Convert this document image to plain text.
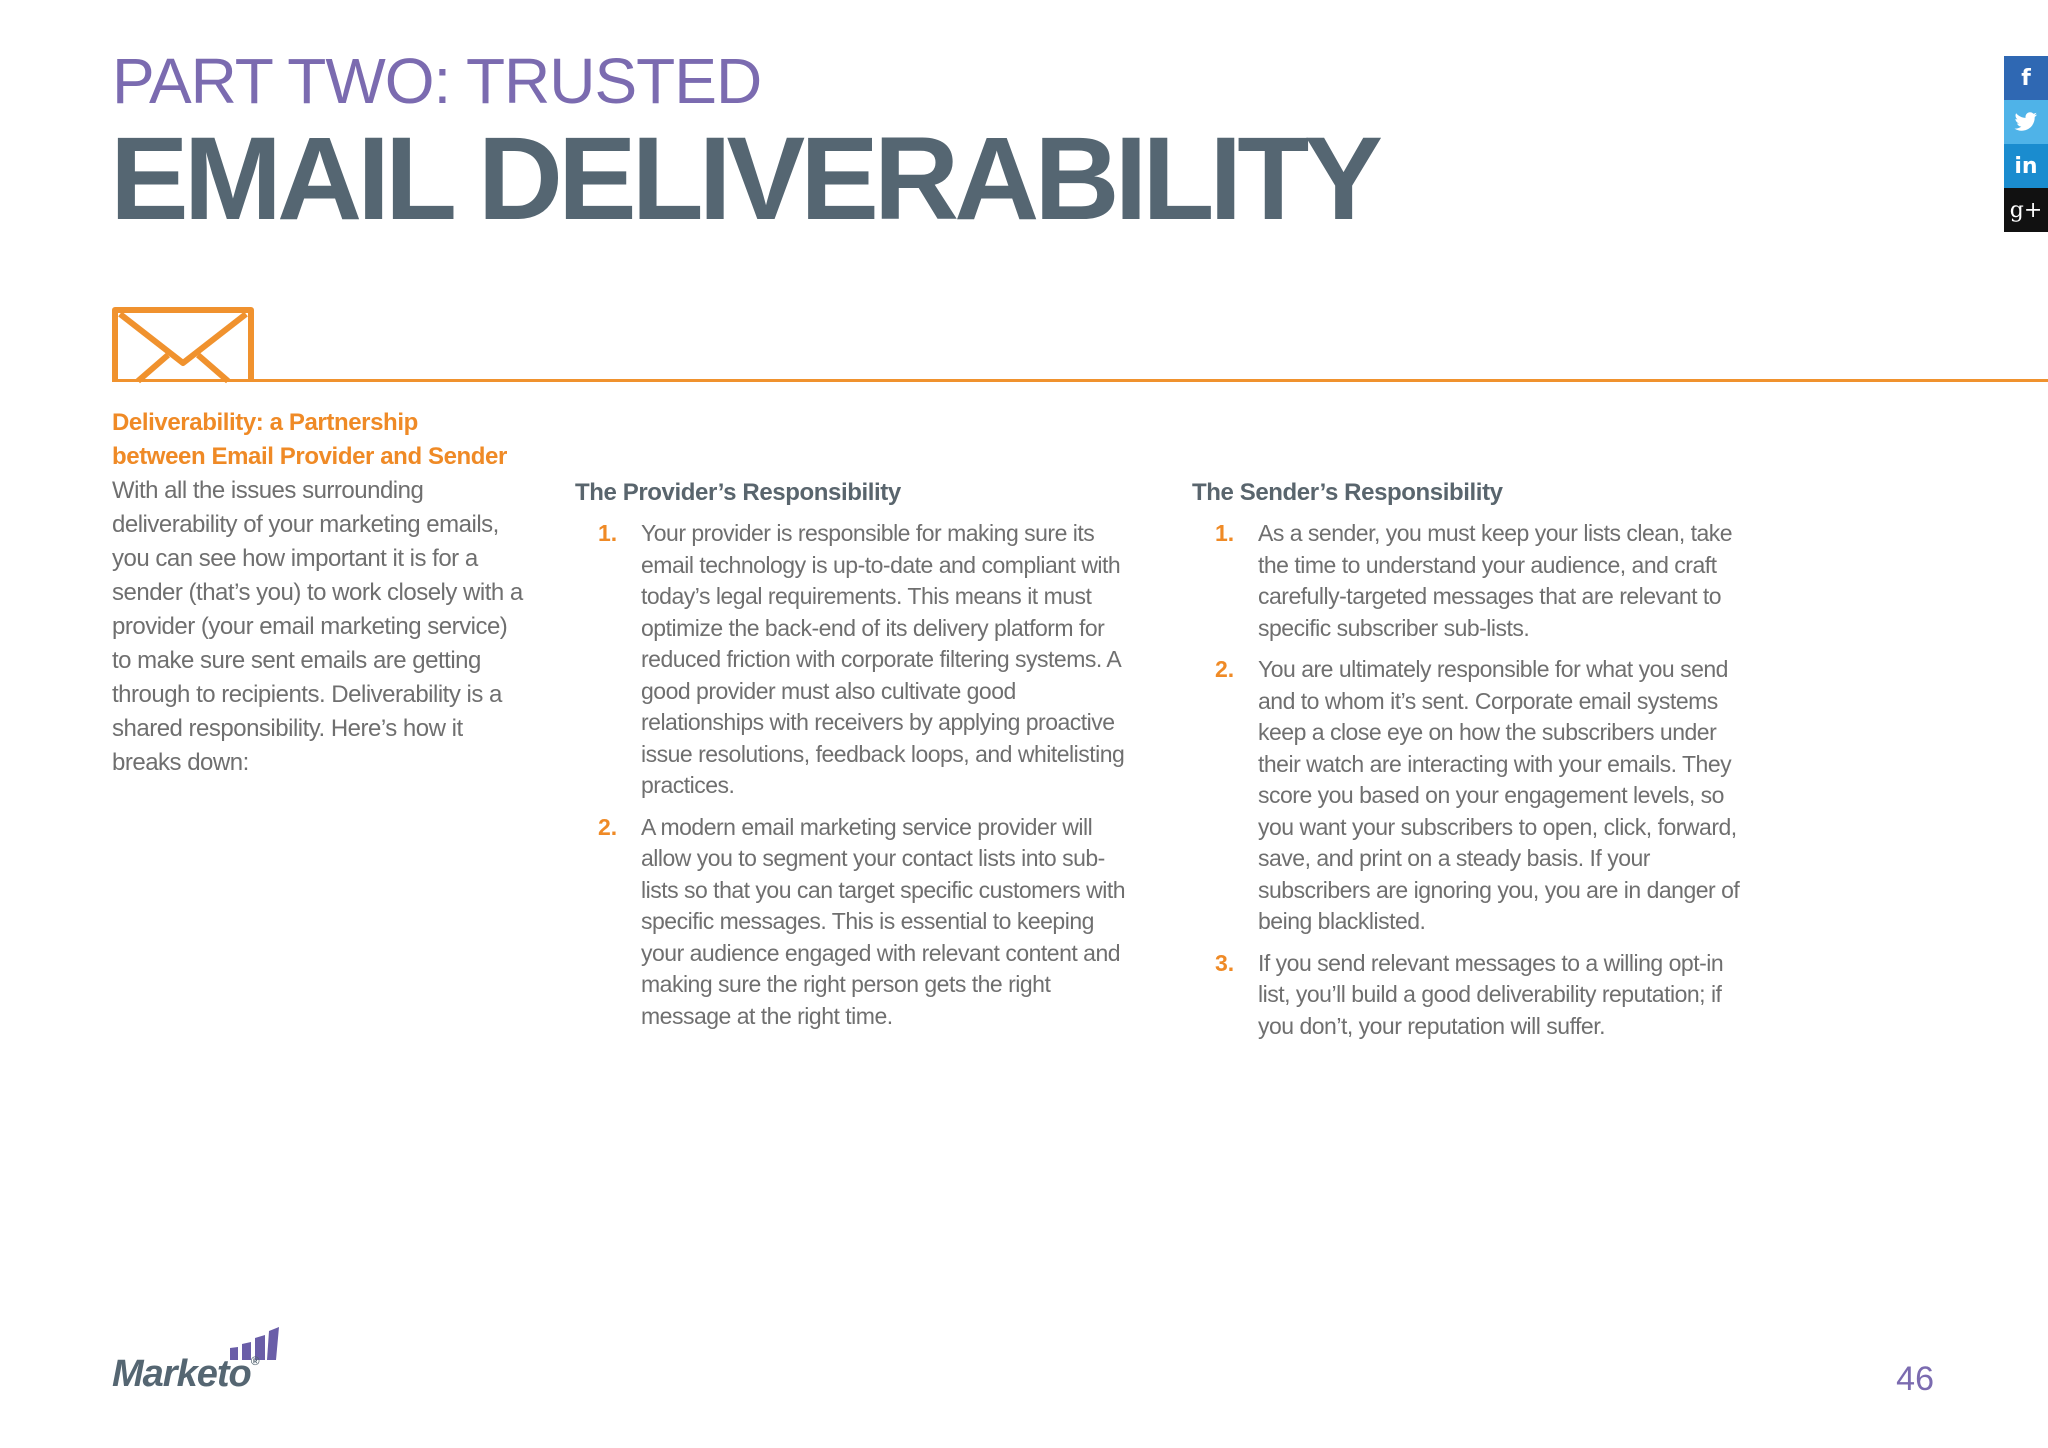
PART TWO: TRUSTED
EMAIL DELIVERABILITY
f
in
g+
Deliverability: a Partnership
between Email Provider and Sender

With all the issues surrounding deliverability of your marketing emails, you can see how important it is for a sender (that’s you) to work closely with a provider (your email marketing service) to make sure sent emails are getting through to recipients. Deliverability is a shared responsibility. Here’s how it breaks down:

The Provider’s Responsibility
1.	Your provider is responsible for making sure its email technology is up-to-date and compliant with today’s legal requirements. This means it must optimize the back-end of its delivery platform for reduced friction with corporate filtering systems. A good provider must also cultivate good relationships with receivers by applying proactive issue resolutions, feedback loops, and whitelisting practices.
2.	A modern email marketing service provider will allow you to segment your contact lists into sub-lists so that you can target specific customers with specific messages. This is essential to keeping your audience engaged with relevant content and making sure the right person gets the right message at the right time.
The Sender’s Responsibility
1.	As a sender, you must keep your lists clean, take the time to understand your audience, and craft carefully-targeted messages that are relevant to specific subscriber sub-lists.
2.	You are ultimately responsible for what you send and to whom it’s sent. Corporate email systems keep a close eye on how the subscribers under their watch are interacting with your emails. They score you based on your engagement levels, so you want your subscribers to open, click, forward, save, and print on a steady basis. If your subscribers are ignoring you, you are in danger of being blacklisted.
3.	If you send relevant messages to a willing opt-in list, you’ll build a good deliverability reputation; if you don’t, your reputation will suffer.
Marketo®	46
